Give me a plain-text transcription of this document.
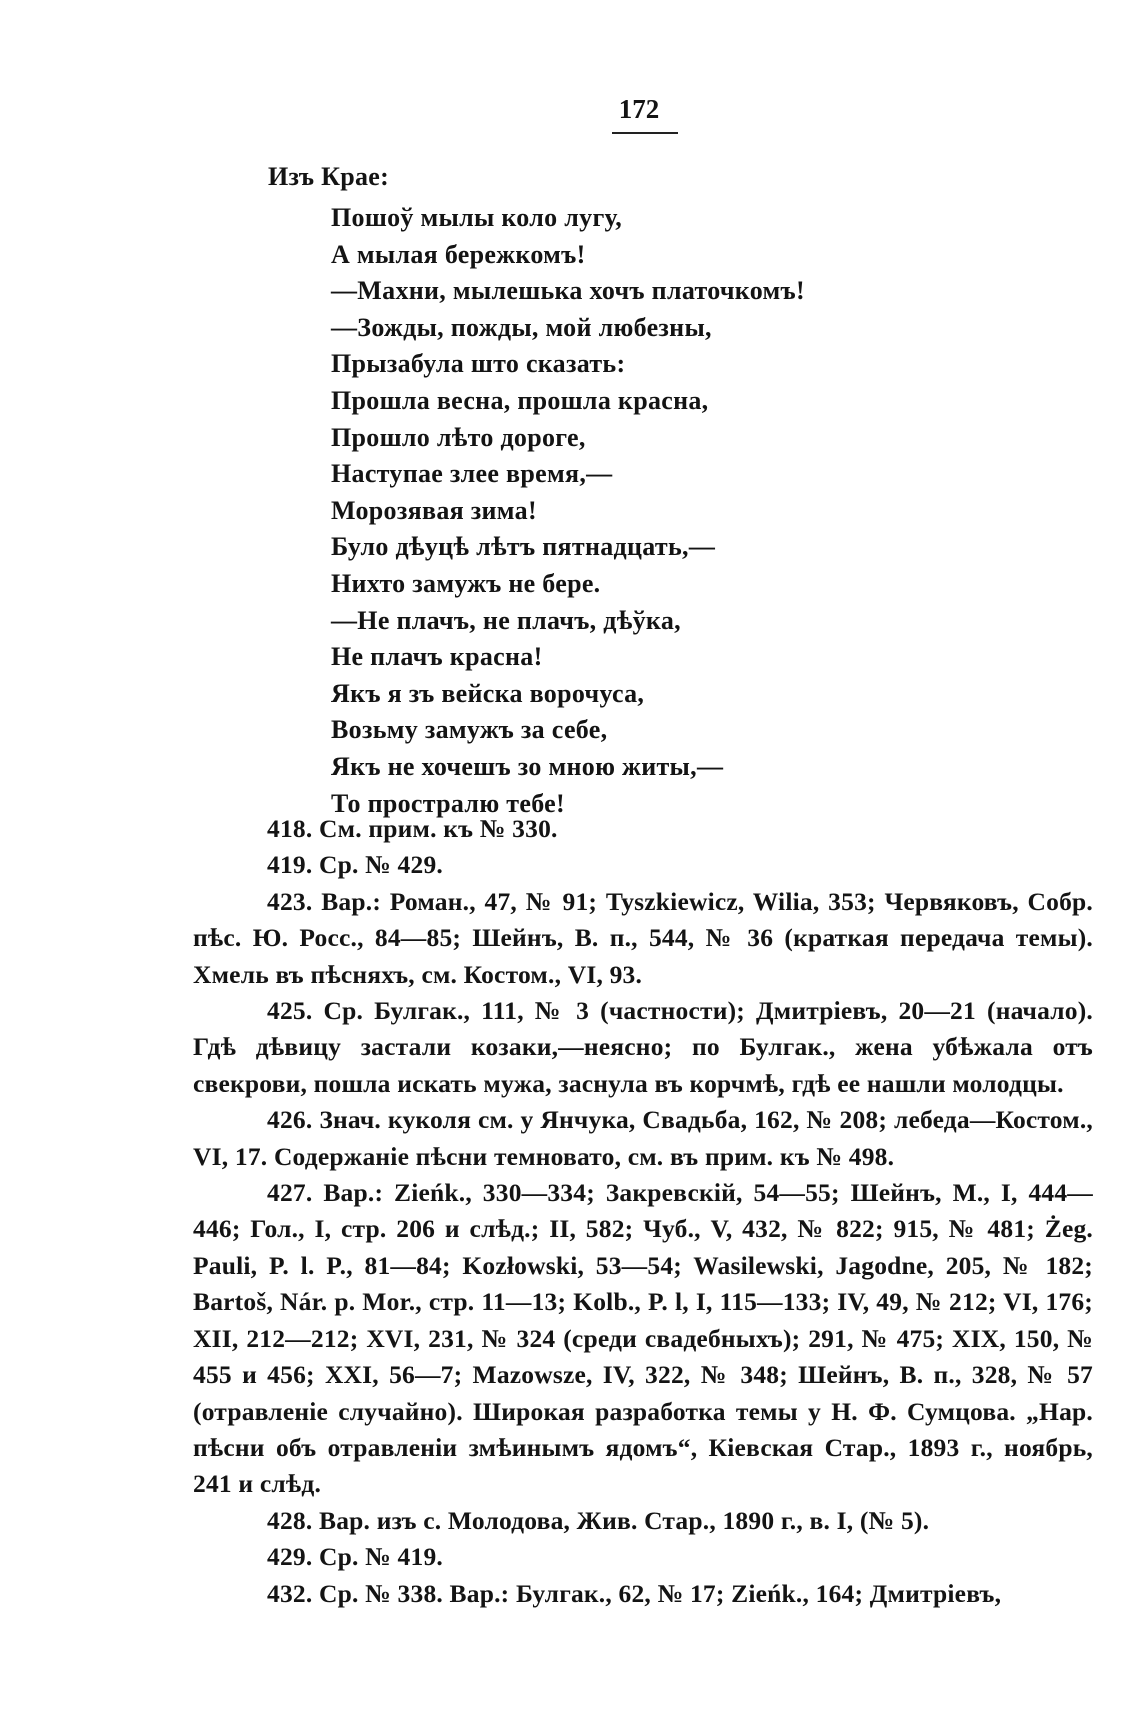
172
Изъ Крае:
Пошоў мылы коло лугу,
А мылая бережкомъ!
—Махни, мылешька хочъ платочкомъ!
—Зожды, пожды, мой любезны,
Прызабула што сказать:
Прошла весна, прошла красна,
Прошло лѣто дороге,
Наступае злее время,—
Морозявая зима!
Було дѣуцѣ лѣтъ пятнадцать,—
Нихто замужъ не бере.
—Не плачъ, не плачъ, дѣўка,
Не плачъ красна!
Якъ я зъ вейска ворочуса,
Возьму замужъ за себе,
Якъ не хочешъ зо мною житы,—
То простралю тебе!

418. См. прим. къ № 330.

419. Ср. № 429.

423. Вар.: Роман., 47, № 91; Tyszkiewicz, Wilia, 353; Червяковъ, Собр. пѣс. Ю. Росс., 84—85; Шейнъ, В. п., 544, № 36 (краткая передача темы). Хмель въ пѣсняхъ, см. Костом., VI, 93.

425. Ср. Булгак., 111, № 3 (частности); Дмитріевъ, 20—21 (начало). Гдѣ дѣвицу застали козаки,—неясно; по Булгак., жена убѣжала отъ свекрови, пошла искать мужа, заснула въ корчмѣ, гдѣ ее нашли молодцы.

426. Знач. куколя см. у Янчука, Свадьба, 162, № 208; лебеда—Костом., VI, 17. Содержаніе пѣсни темновато, см. въ прим. къ № 498.

427. Вар.: Zieńk., 330—334; Закревскій, 54—55; Шейнъ, М., I, 444—446; Гол., I, стр. 206 и слѣд.; II, 582; Чуб., V, 432, № 822; 915, № 481; Żeg. Pauli, P. l. P., 81—84; Kozłowski, 53—54; Wasilewski, Jagodne, 205, № 182; Bartoš, Nár. p. Mor., стр. 11—13; Kolb., P. l, I, 115—133; IV, 49, № 212; VI, 176; XII, 212—212; XVI, 231, № 324 (среди свадебныхъ); 291, № 475; XIX, 150, № 455 и 456; XXI, 56—7; Mazowsze, IV, 322, № 348; Шейнъ, В. п., 328, № 57 (отравленіе случайно). Широкая разработка темы у Н. Ф. Сумцова. „Нар. пѣсни объ отравленіи змѣинымъ ядомъ“, Кіевская Стар., 1893 г., ноябрь, 241 и слѣд.

428. Вар. изъ с. Молодова, Жив. Стар., 1890 г., в. I, (№ 5).

429. Ср. № 419.

432. Ср. № 338. Вар.: Булгак., 62, № 17; Zieńk., 164; Дмитріевъ,
